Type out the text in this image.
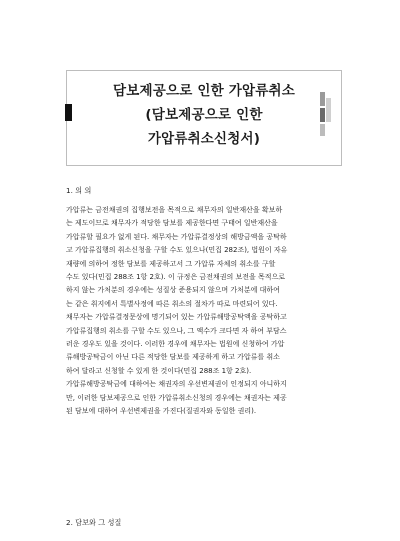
담보제공으로 인한 가압류취소
(담보제공으로 인한
가압류취소신청서)
1. 의 의
가압류는 금전채권의 집행보전을 목적으로 채무자의 일반재산을 확보하
는 제도이므로 채무자가 적당한 담보를 제공한다면 구태여 일반재산을
가압류할 필요가 없게 된다. 채무자는 가압류결정상의 해방금액을 공탁하
고 가압류집행의 취소신청을 구할 수도 있으나(민집 282조), 법원이 자유
재량에 의하여 정한 담보를 제공하고서 그 가압류 자체의 취소를 구할
수도 있다(민집 288조 1항 2호). 이 규정은 금전채권의 보전을 목적으로
하지 않는 가처분의 경우에는 성질상 준용되지 않으며 가처분에 대하여
는 같은 취지에서 특별사정에 따른 취소의 절차가 따로 마련되어 있다.
채무자는 가압류결정문상에 명기되어 있는 가압류해방공탁액을 공탁하고
가압류집행의 취소를 구할 수도 있으나, 그 액수가 크다면 자 하여 부담스
러운 경우도 있을 것이다. 이러한 경우에 채무자는 법원에 신청하여 가압
류해방공탁금이 아닌 다른 적당한 담보를 제공하게 하고 가압류를 취소
하여 달라고 신청할 수 있게 한 것이다(민집 288조 1항 2호).
가압류해방공탁금에 대하여는 채권자의 우선변제권이 인정되지 아니하지
만, 이러한 담보제공으로 인한 가압류취소신청의 경우에는 채권자는 제공
된 담보에 대하여 우선변제권을 가진다(질권자와 동일한 권리).
2. 담보와 그 성질
